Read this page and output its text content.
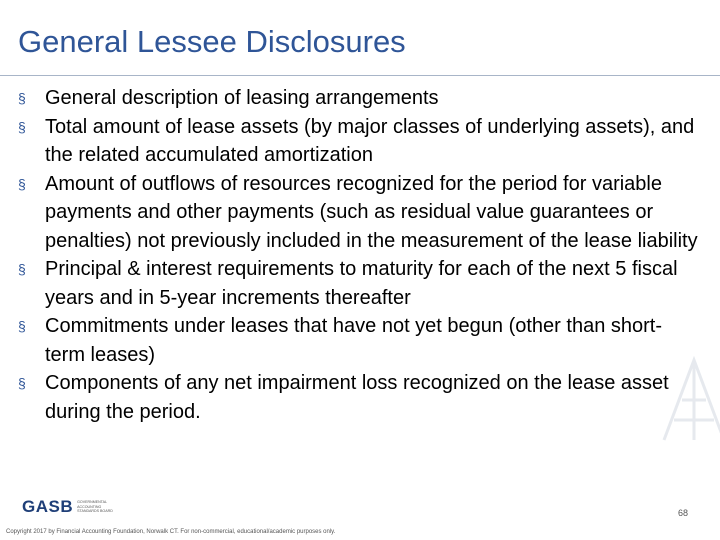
General Lessee Disclosures
§ General description of leasing arrangements
§ Total amount of lease assets (by major classes of underlying assets), and the related accumulated amortization
§ Amount of outflows of resources recognized for the period for variable payments and other payments (such as residual value guarantees or penalties) not previously included in the measurement of the lease liability
§ Principal & interest requirements to maturity for each of the next 5 fiscal years and in 5-year increments thereafter
§ Commitments under leases that have not yet begun (other than short-term leases)
§ Components of any net impairment loss recognized on the lease asset during the period.
GASB GOVERNMENTAL ACCOUNTING STANDARDS BOARD	68
Copyright 2017 by Financial Accounting Foundation, Norwalk CT. For non-commercial, educational/academic purposes only.
